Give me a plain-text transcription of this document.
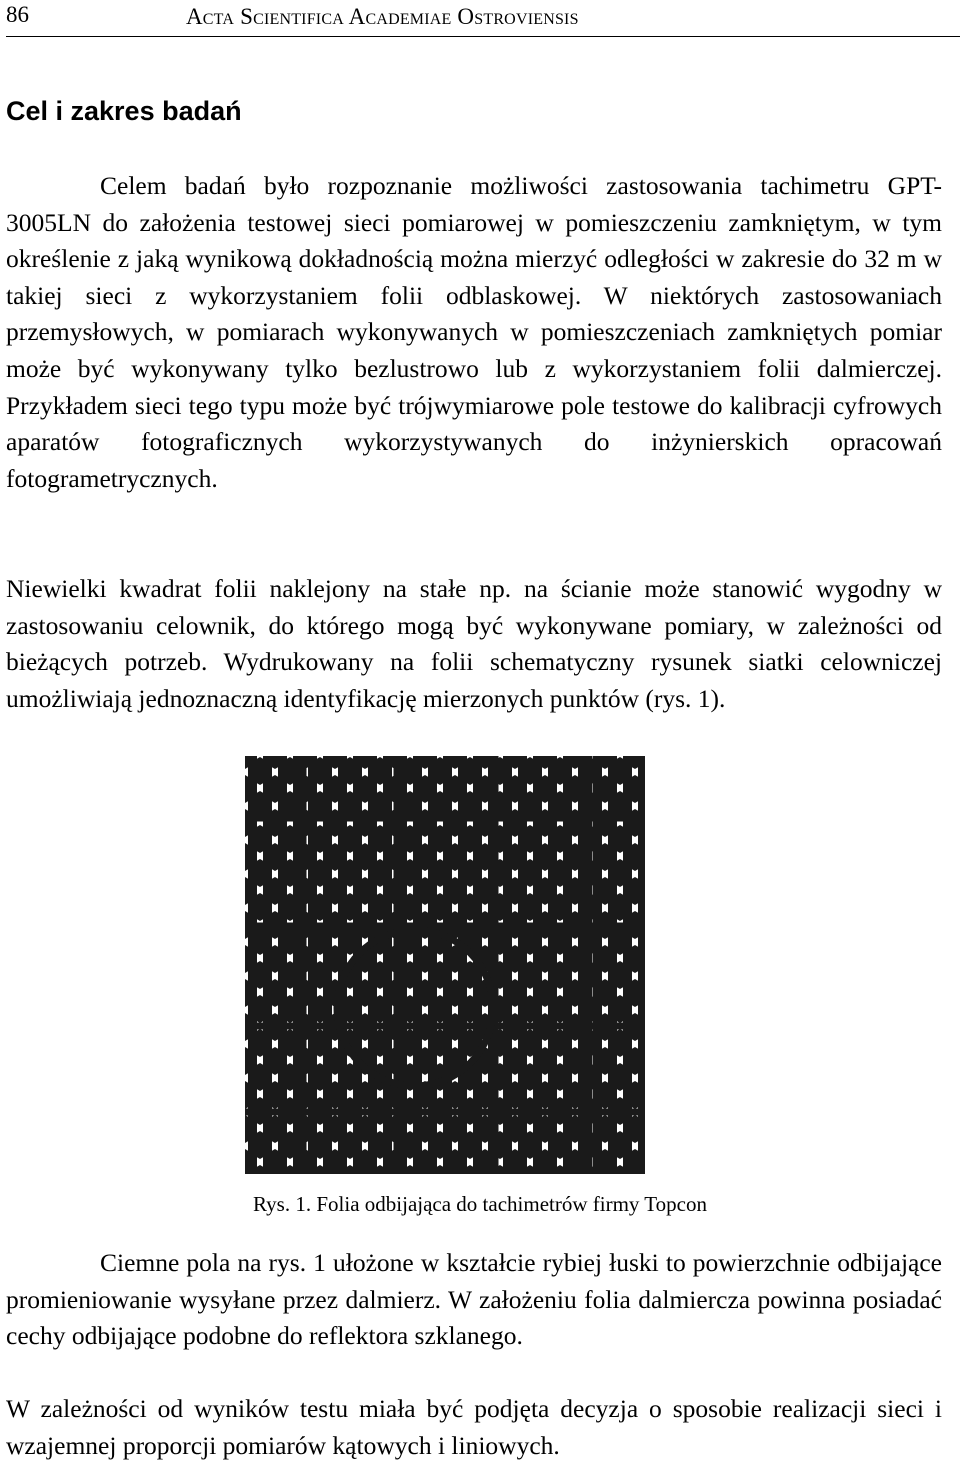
86	Acta Scientifica Academiae Ostroviensis
Cel i zakres badań

Celem badań było rozpoznanie możliwości zastosowania tachimetru GPT-3005LN do założenia testowej sieci pomiarowej w pomieszczeniu zamkniętym, w tym określenie z jaką wynikową dokładnością można mierzyć odległości w zakresie do 32 m w takiej sieci z wykorzystaniem folii odblaskowej. W niektórych zastosowaniach przemysłowych, w pomiarach wykonywanych w pomieszczeniach zamkniętych pomiar może być wykonywany tylko bezlustrowo lub z wykorzystaniem folii dalmierczej. Przykładem sieci tego typu może być trójwymiarowe pole testowe do kalibracji cyfrowych aparatów fotograficznych wykorzystywanych do inżynierskich opracowań fotogrametrycznych.

Niewielki kwadrat folii naklejony na stałe np. na ścianie może stanowić wygodny w zastosowaniu celownik, do którego mogą być wykonywane pomiary, w zależności od bieżących potrzeb. Wydrukowany na folii schematyczny rysunek siatki celowniczej umożliwiają jednoznaczną identyfikację mierzonych punktów (rys. 1).

Rys. 1. Folia odbijająca do tachimetrów firmy Topcon

Ciemne pola na rys. 1 ułożone w kształcie rybiej łuski to powierzchnie odbijające promieniowanie wysyłane przez dalmierz. W założeniu folia dalmiercza powinna posiadać cechy odbijające podobne do reflektora szklanego.

W zależności od wyników testu miała być podjęta decyzja o sposobie realizacji sieci i wzajemnej proporcji pomiarów kątowych i liniowych.
